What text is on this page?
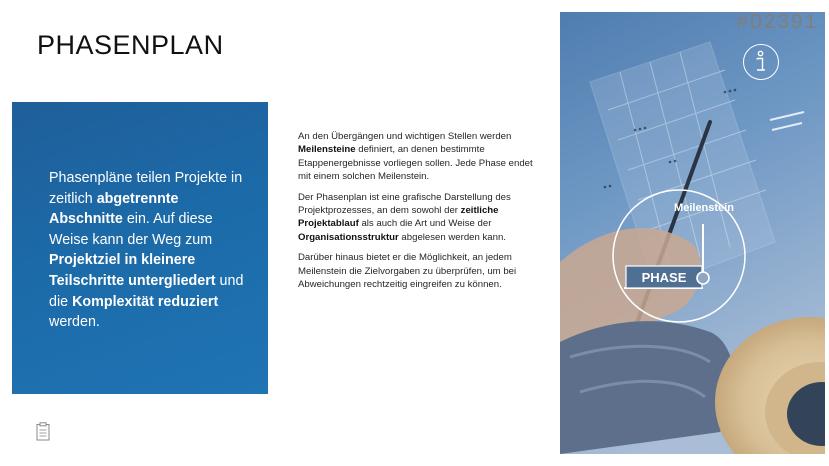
PHASENPLAN
Phasenpläne teilen Projekte in zeitlich abgetrennte Abschnitte ein. Auf diese Weise kann der Weg zum Projektziel in kleinere Teilschritte untergliedert und die Komplexität reduziert werden.

An den Übergängen und wichtigen Stellen werden Meilensteine definiert, an denen bestimmte Etappenergebnisse vorliegen sollen. Jede Phase endet mit einem solchen Meilenstein.

Der Phasenplan ist eine grafische Darstellung des Projektprozesses, an dem sowohl der zeitliche Projektablauf als auch die Art und Weise der Organisationsstruktur abgelesen werden kann.

Darüber hinaus bietet er die Möglichkeit, an jedem Meilenstein die Zielvorgaben zu überprüfen, um bei Abweichungen rechtzeitig eingreifen zu können.	PHASE
Meilenstein
#D2391
